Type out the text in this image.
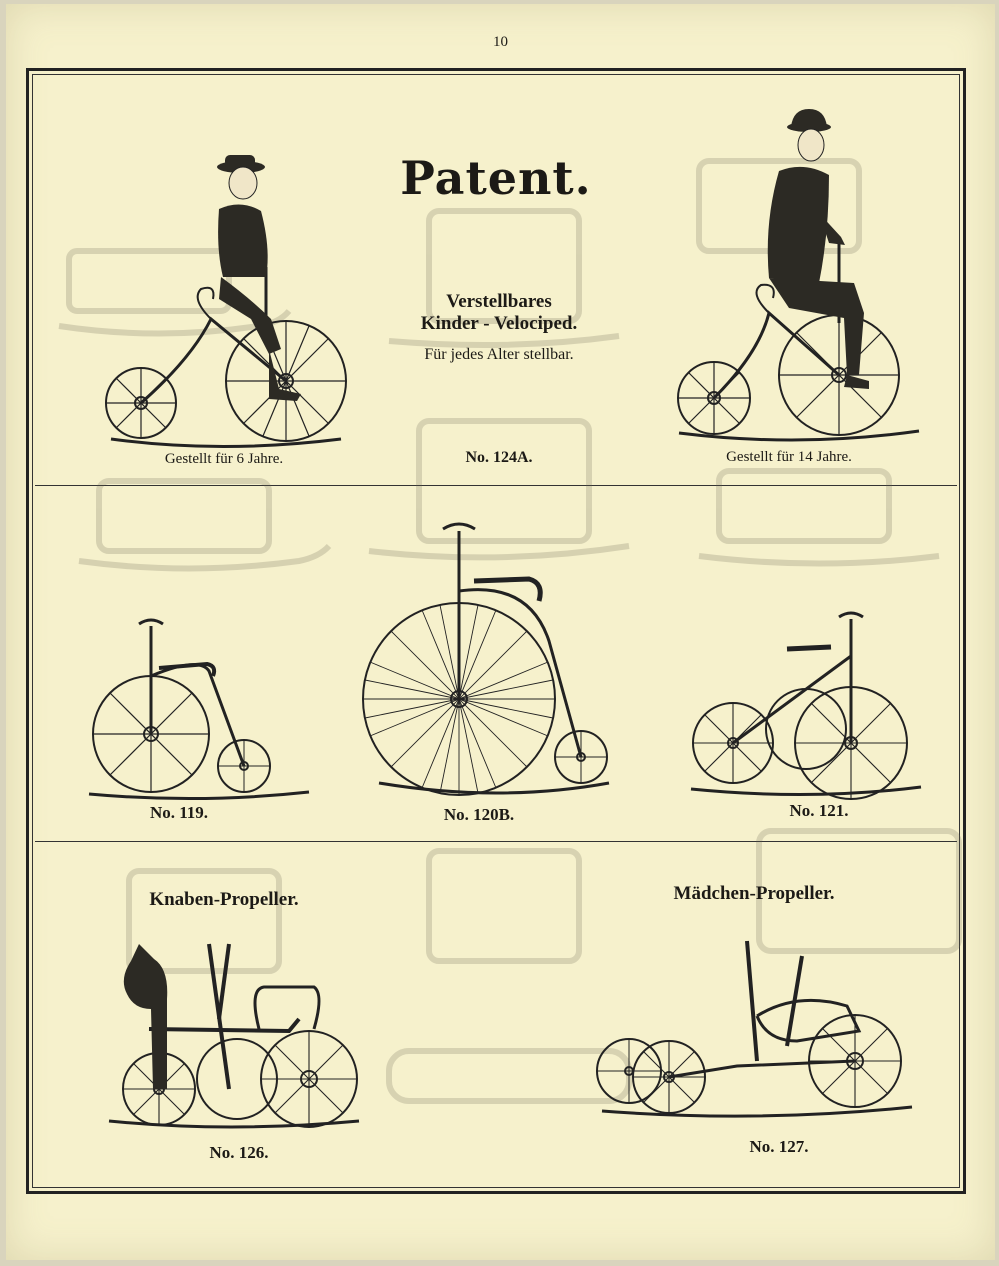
10
Patent.
Verstellbares
Kinder - Velociped.
Für jedes Alter stellbar.
Gestellt für 6 Jahre.	No. 124A.	Gestellt für 14 Jahre.
No. 119.	No. 120B.	No. 121.
Knaben-Propeller.	Mädchen-Propeller.
No. 126.	No. 127.
